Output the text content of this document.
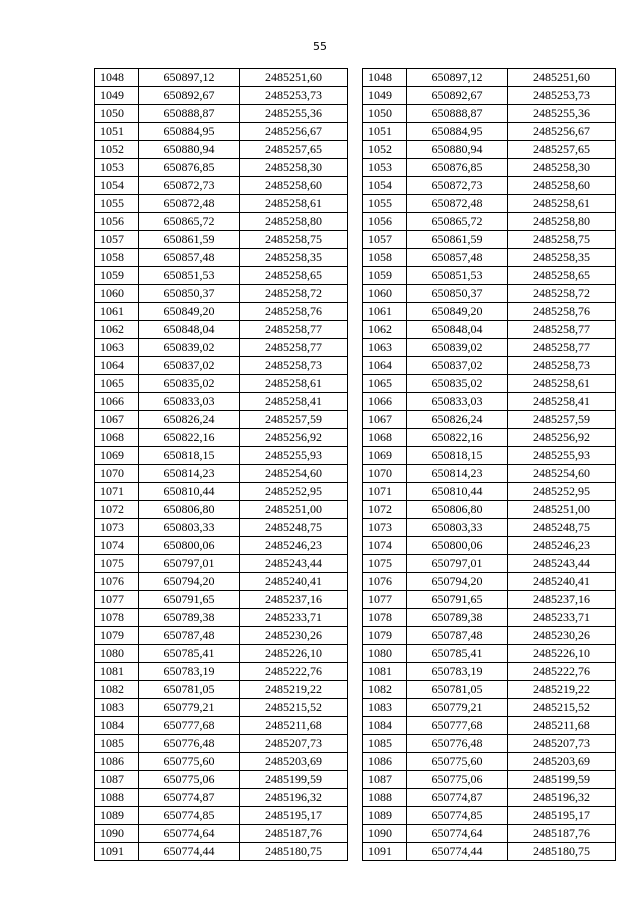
55
1048	650897,12	2485251,60
1049	650892,67	2485253,73
1050	650888,87	2485255,36
1051	650884,95	2485256,67
1052	650880,94	2485257,65
1053	650876,85	2485258,30
1054	650872,73	2485258,60
1055	650872,48	2485258,61
1056	650865,72	2485258,80
1057	650861,59	2485258,75
1058	650857,48	2485258,35
1059	650851,53	2485258,65
1060	650850,37	2485258,72
1061	650849,20	2485258,76
1062	650848,04	2485258,77
1063	650839,02	2485258,77
1064	650837,02	2485258,73
1065	650835,02	2485258,61
1066	650833,03	2485258,41
1067	650826,24	2485257,59
1068	650822,16	2485256,92
1069	650818,15	2485255,93
1070	650814,23	2485254,60
1071	650810,44	2485252,95
1072	650806,80	2485251,00
1073	650803,33	2485248,75
1074	650800,06	2485246,23
1075	650797,01	2485243,44
1076	650794,20	2485240,41
1077	650791,65	2485237,16
1078	650789,38	2485233,71
1079	650787,48	2485230,26
1080	650785,41	2485226,10
1081	650783,19	2485222,76
1082	650781,05	2485219,22
1083	650779,21	2485215,52
1084	650777,68	2485211,68
1085	650776,48	2485207,73
1086	650775,60	2485203,69
1087	650775,06	2485199,59
1088	650774,87	2485196,32
1089	650774,85	2485195,17
1090	650774,64	2485187,76
1091	650774,44	2485180,75
1048	650897,12	2485251,60
1049	650892,67	2485253,73
1050	650888,87	2485255,36
1051	650884,95	2485256,67
1052	650880,94	2485257,65
1053	650876,85	2485258,30
1054	650872,73	2485258,60
1055	650872,48	2485258,61
1056	650865,72	2485258,80
1057	650861,59	2485258,75
1058	650857,48	2485258,35
1059	650851,53	2485258,65
1060	650850,37	2485258,72
1061	650849,20	2485258,76
1062	650848,04	2485258,77
1063	650839,02	2485258,77
1064	650837,02	2485258,73
1065	650835,02	2485258,61
1066	650833,03	2485258,41
1067	650826,24	2485257,59
1068	650822,16	2485256,92
1069	650818,15	2485255,93
1070	650814,23	2485254,60
1071	650810,44	2485252,95
1072	650806,80	2485251,00
1073	650803,33	2485248,75
1074	650800,06	2485246,23
1075	650797,01	2485243,44
1076	650794,20	2485240,41
1077	650791,65	2485237,16
1078	650789,38	2485233,71
1079	650787,48	2485230,26
1080	650785,41	2485226,10
1081	650783,19	2485222,76
1082	650781,05	2485219,22
1083	650779,21	2485215,52
1084	650777,68	2485211,68
1085	650776,48	2485207,73
1086	650775,60	2485203,69
1087	650775,06	2485199,59
1088	650774,87	2485196,32
1089	650774,85	2485195,17
1090	650774,64	2485187,76
1091	650774,44	2485180,75
